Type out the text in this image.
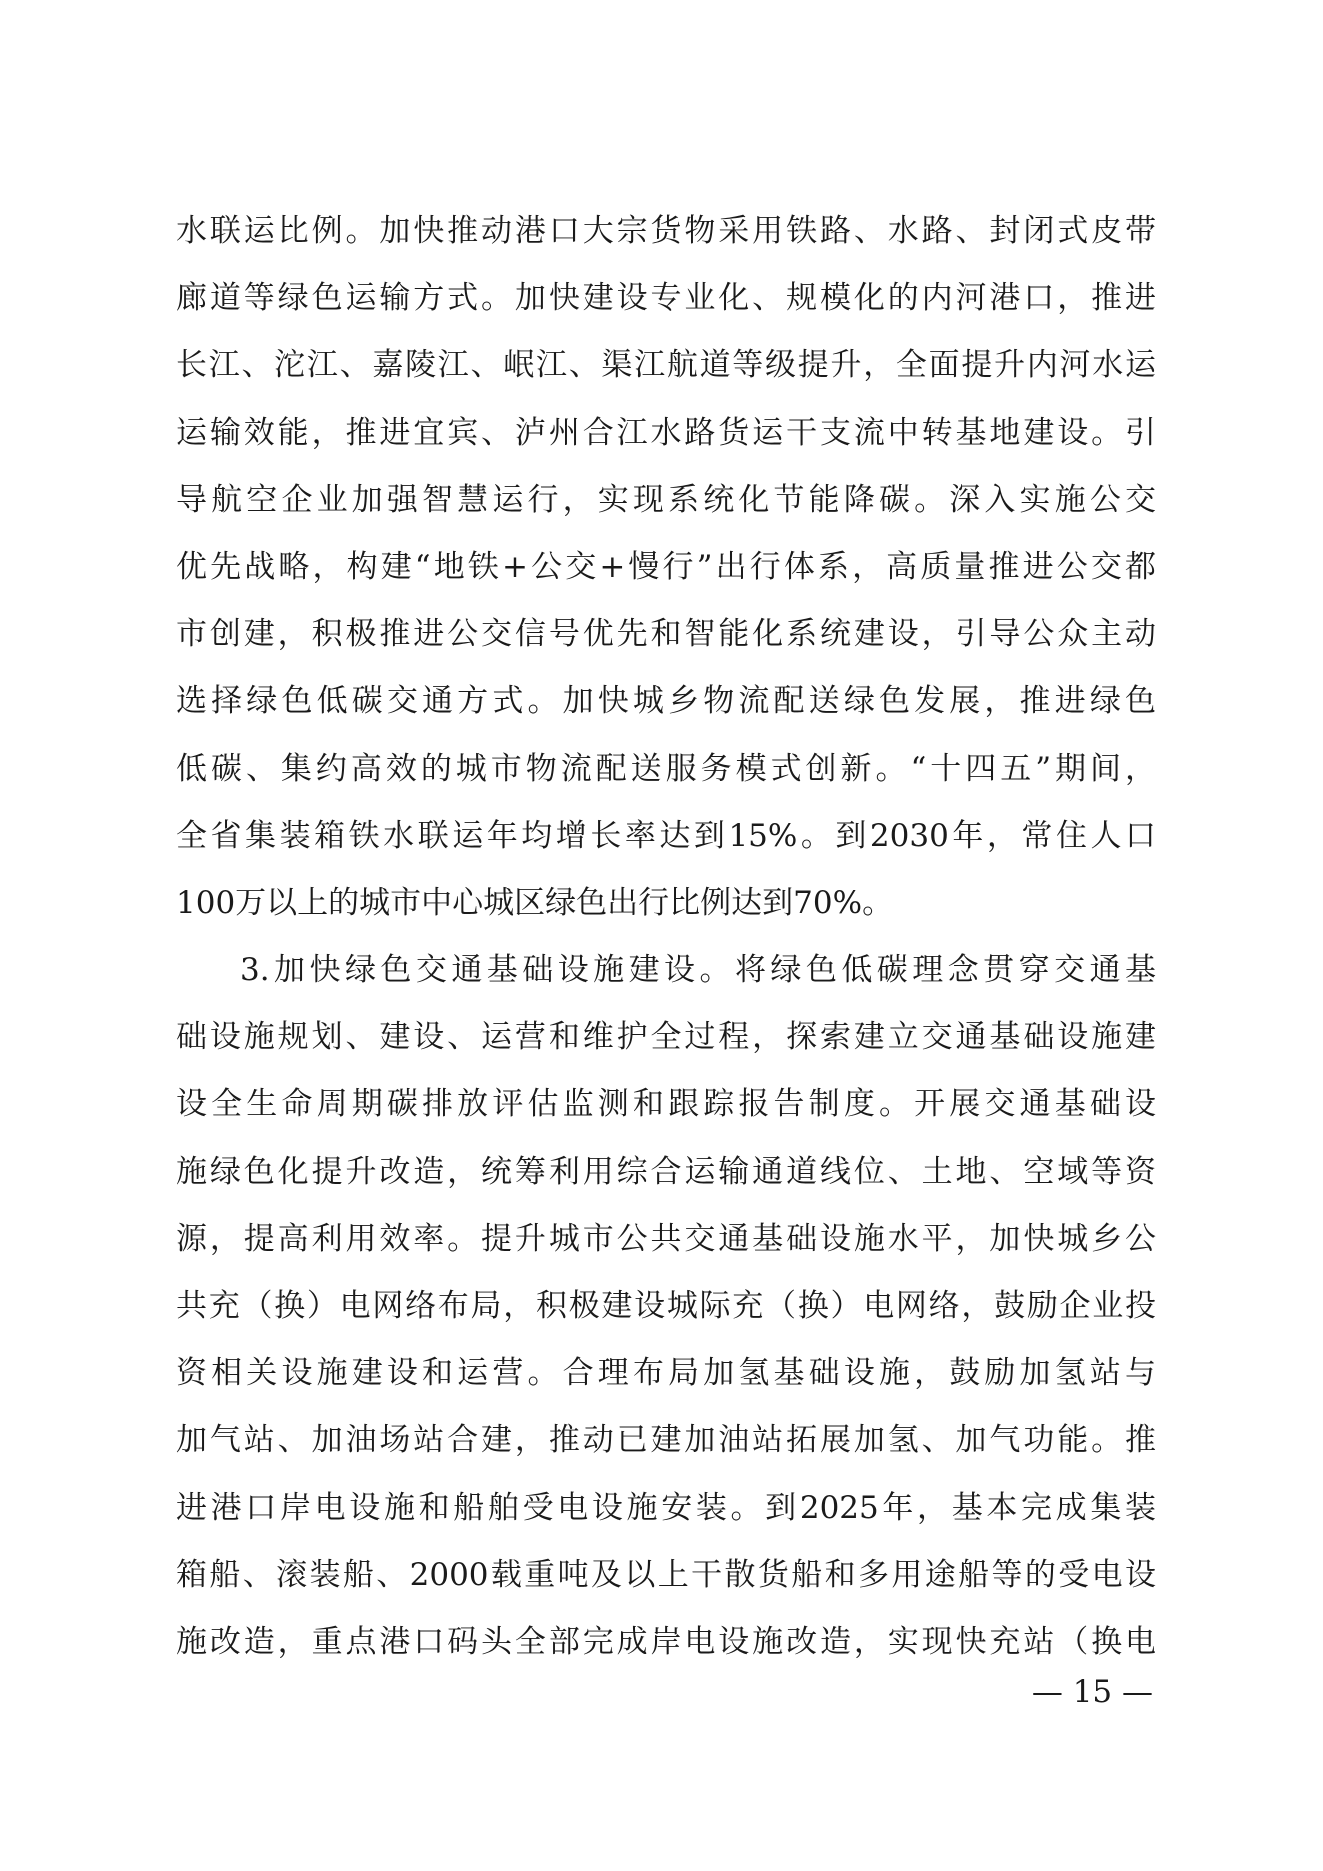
水联运比例。加快推动港口大宗货物采用铁路、水路、封闭式皮带
廊道等绿色运输方式。加快建设专业化、规模化的内河港口，推进
长江、沱江、嘉陵江、岷江、渠江航道等级提升，全面提升内河水运
运输效能，推进宜宾、泸州合江水路货运干支流中转基地建设。引
导航空企业加强智慧运行，实现系统化节能降碳。深入实施公交
优先战略，构建“地铁+公交+慢行”出行体系，高质量推进公交都
市创建，积极推进公交信号优先和智能化系统建设，引导公众主动
选择绿色低碳交通方式。加快城乡物流配送绿色发展，推进绿色
低碳、集约高效的城市物流配送服务模式创新。“十四五”期间，
全省集装箱铁水联运年均增长率达到15%。到2030年，常住人口
100万以上的城市中心城区绿色出行比例达到70%。
3.加快绿色交通基础设施建设。将绿色低碳理念贯穿交通基
础设施规划、建设、运营和维护全过程，探索建立交通基础设施建
设全生命周期碳排放评估监测和跟踪报告制度。开展交通基础设
施绿色化提升改造，统筹利用综合运输通道线位、土地、空域等资
源，提高利用效率。提升城市公共交通基础设施水平，加快城乡公
共充（换）电网络布局，积极建设城际充（换）电网络，鼓励企业投
资相关设施建设和运营。合理布局加氢基础设施，鼓励加氢站与
加气站、加油场站合建，推动已建加油站拓展加氢、加气功能。推
进港口岸电设施和船舶受电设施安装。到2025年，基本完成集装
箱船、滚装船、2000载重吨及以上干散货船和多用途船等的受电设
施改造，重点港口码头全部完成岸电设施改造，实现快充站（换电
— 15 —
